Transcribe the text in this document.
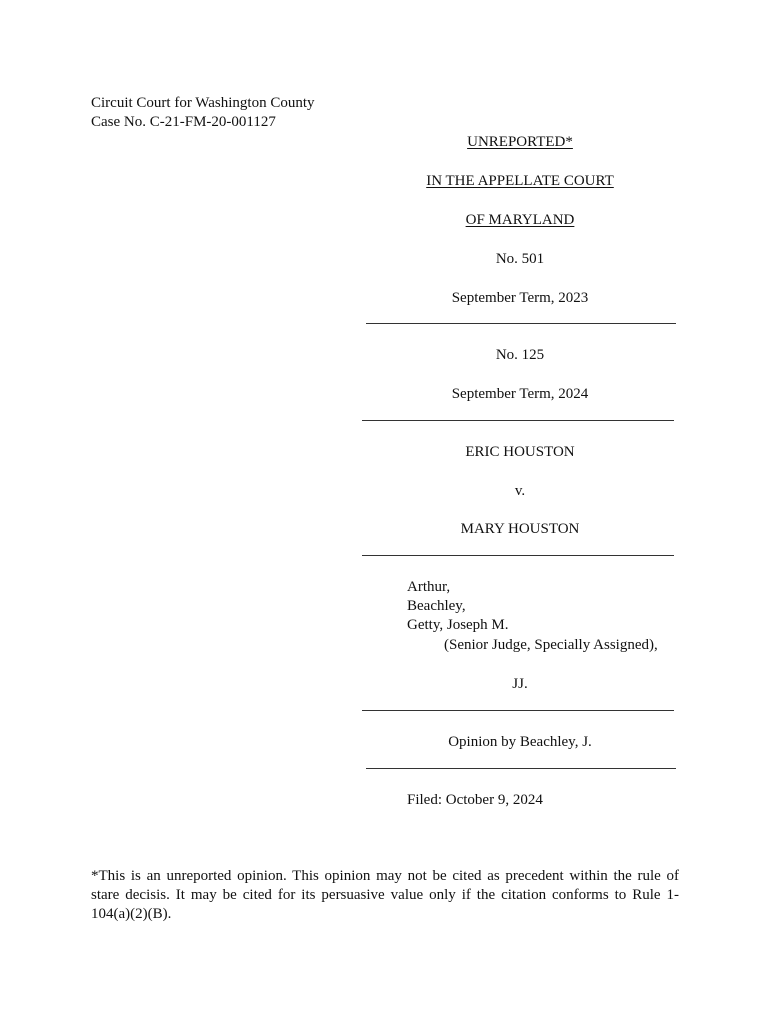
Circuit Court for Washington County
Case No. C-21-FM-20-001127
UNREPORTED*
IN THE APPELLATE COURT
OF MARYLAND
No. 501
September Term, 2023
No. 125
September Term, 2024
ERIC HOUSTON
v.
MARY HOUSTON
Arthur,
Beachley,
Getty, Joseph M.
(Senior Judge, Specially Assigned),
JJ.
Opinion by Beachley, J.
Filed: October 9, 2024
*This is an unreported opinion. This opinion may not be cited as precedent within the rule of stare decisis. It may be cited for its persuasive value only if the citation conforms to Rule 1-104(a)(2)(B).
